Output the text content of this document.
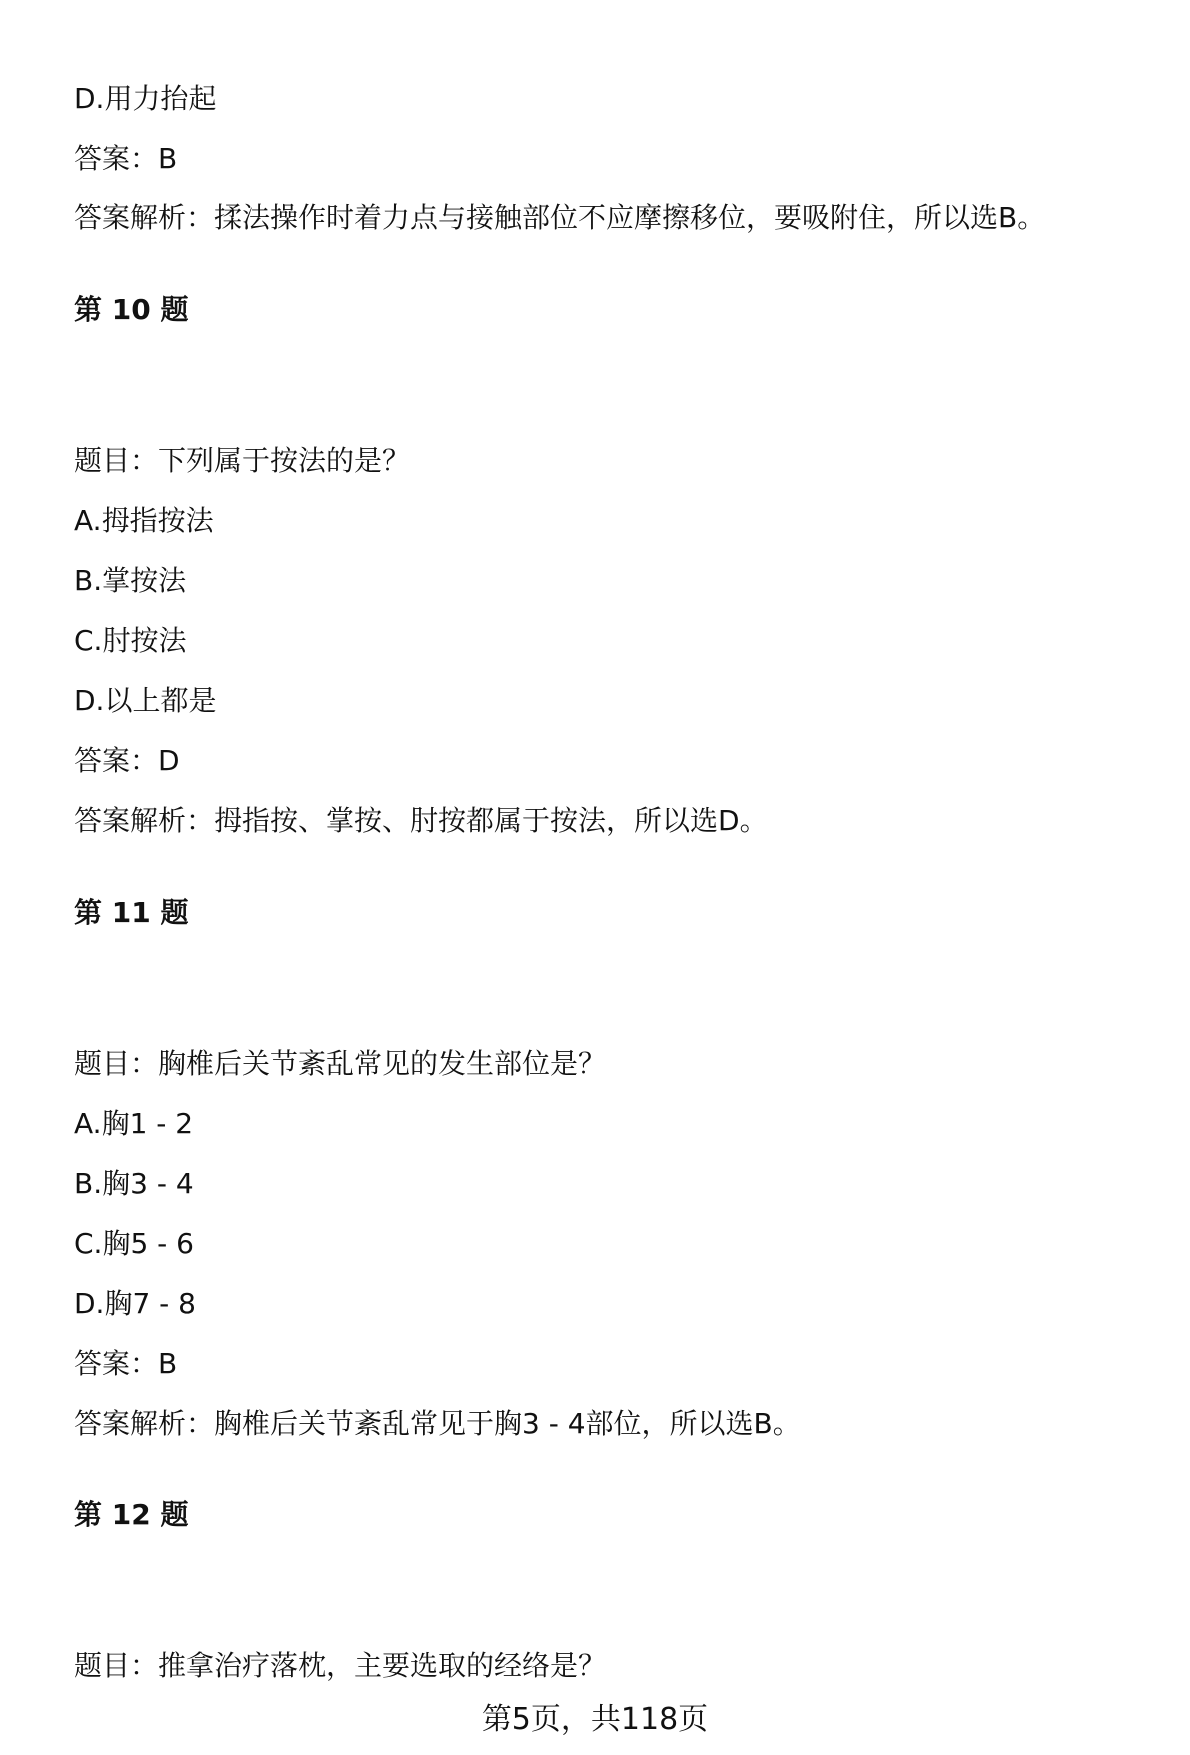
D.用力抬起
答案：B
答案解析：揉法操作时着力点与接触部位不应摩擦移位，要吸附住，所以选B。
第 10 题
题目：下列属于按法的是？
A.拇指按法
B.掌按法
C.肘按法
D.以上都是
答案：D
答案解析：拇指按、掌按、肘按都属于按法，所以选D。
第 11 题
题目：胸椎后关节紊乱常见的发生部位是？
A.胸1 - 2
B.胸3 - 4
C.胸5 - 6
D.胸7 - 8
答案：B
答案解析：胸椎后关节紊乱常见于胸3 - 4部位，所以选B。
第 12 题
题目：推拿治疗落枕，主要选取的经络是？
第5页，共118页
